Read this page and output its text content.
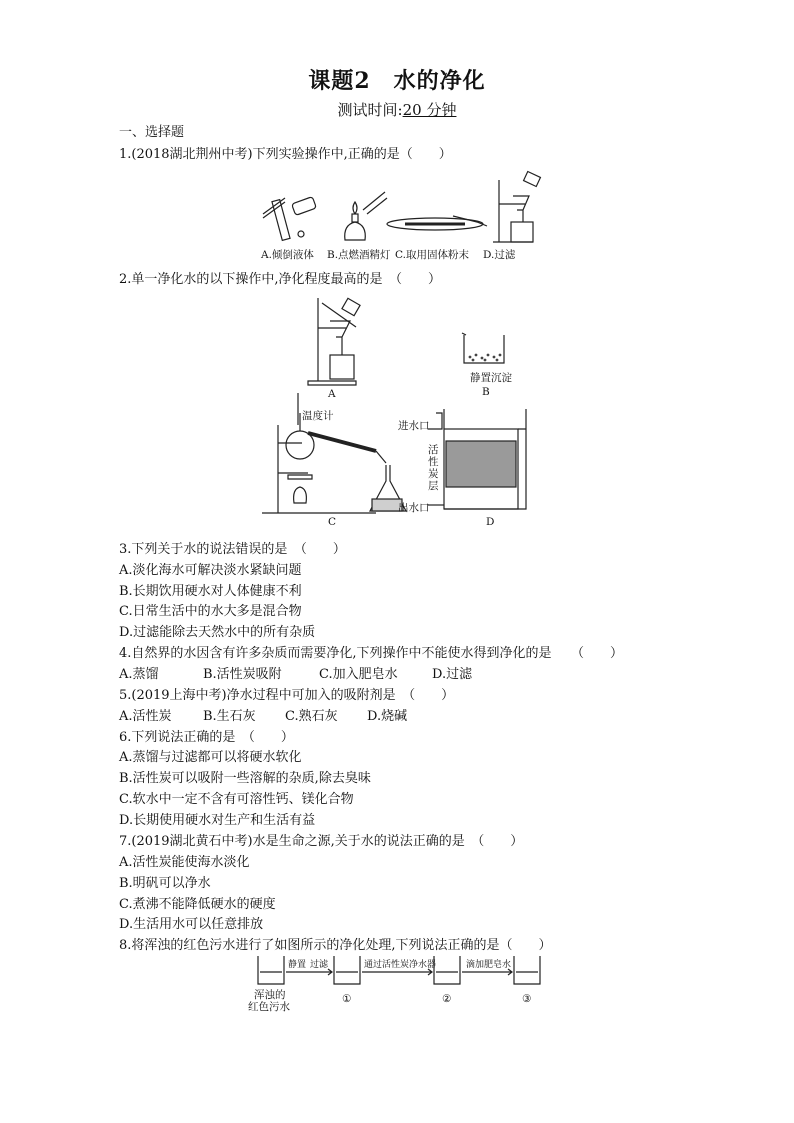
课题2　水的净化
测试时间:20 分钟
一、选择题
1.(2018湖北荆州中考)下列实验操作中,正确的是（　　）
A.倾倒液体 B.点燃酒精灯 C.取用固体粉末 D.过滤
2.单一净化水的以下操作中,净化程度最高的是　（　　）
A	B
静置沉淀
C
温度计
D
进水口
出水口
活
性
炭
层
3.下列关于水的说法错误的是　（　　）
A.淡化海水可解决淡水紧缺问题
B.长期饮用硬水对人体健康不利
C.日常生活中的水大多是混合物
D.过滤能除去天然水中的所有杂质
4.自然界的水因含有许多杂质而需要净化,下列操作中不能使水得到净化的是　　（　　）
A.蒸馏	B.活性炭吸附	C.加入肥皂水	D.过滤
5.(2019上海中考)净水过程中可加入的吸附剂是　（　　）
A.活性炭 B.生石灰 C.熟石灰 D.烧碱
6.下列说法正确的是　（　　）
A.蒸馏与过滤都可以将硬水软化
B.活性炭可以吸附一些溶解的杂质,除去臭味
C.软水中一定不含有可溶性钙、镁化合物
D.长期使用硬水对生产和生活有益
7.(2019湖北黄石中考)水是生命之源,关于水的说法正确的是　（　　）
A.活性炭能使海水淡化
B.明矾可以净水
C.煮沸不能降低硬水的硬度
D.生活用水可以任意排放
8.将浑浊的红色污水进行了如图所示的净化处理,下列说法正确的是（　　）
静置 过滤	通过活性炭净水器	滴加肥皂水
浑浊的
红色污水
①	②	③
